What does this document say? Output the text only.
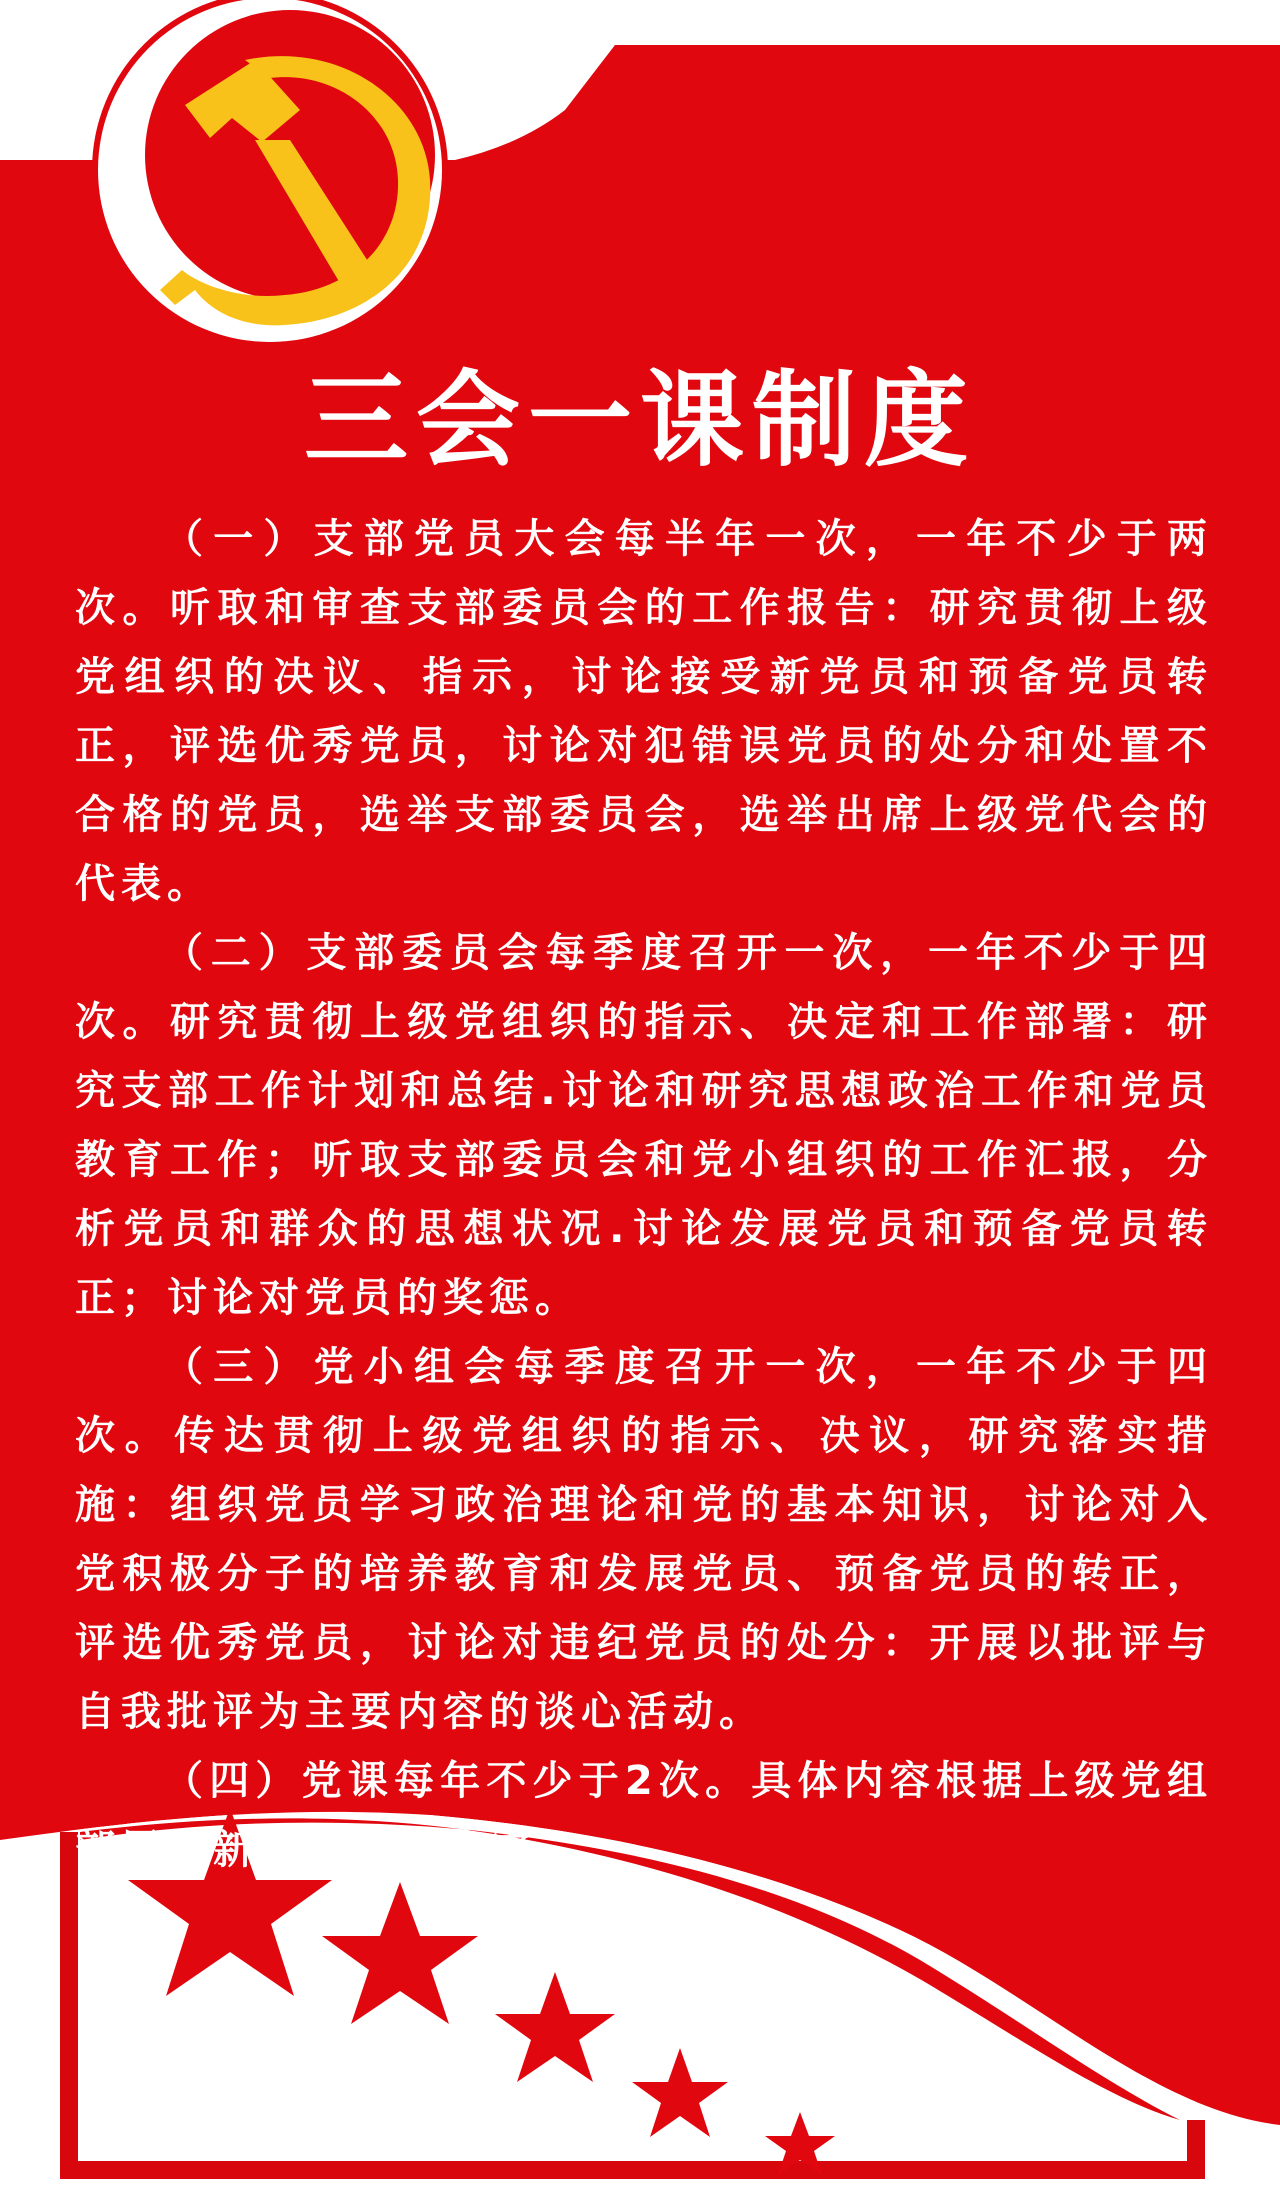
三会一课制度

（一）支部党员大会每半年一次，一年不少于两次。听取和审查支部委员会的工作报告：研究贯彻上级党组织的决议、指示，讨论接受新党员和预备党员转正，评选优秀党员，讨论对犯错误党员的处分和处置不合格的党员，选举支部委员会，选举出席上级党代会的代表。

（二）支部委员会每季度召开一次，一年不少于四次。研究贯彻上级党组织的指示、决定和工作部署：研究支部工作计划和总结.讨论和研究思想政治工作和党员教育工作；听取支部委员会和党小组织的工作汇报，分析党员和群众的思想状况.讨论发展党员和预备党员转正；讨论对党员的奖惩。

（三）党小组会每季度召开一次，一年不少于四次。传达贯彻上级党组织的指示、决议，研究落实措施：组织党员学习政治理论和党的基本知识，讨论对入党积极分子的培养教育和发展党员、预备党员的转正，评选优秀党员，讨论对违纪党员的处分：开展以批评与自我批评为主要内容的谈心活动。

（四）党课每年不少于2次。具体内容根据上级党组部署和新形势发展确定。
